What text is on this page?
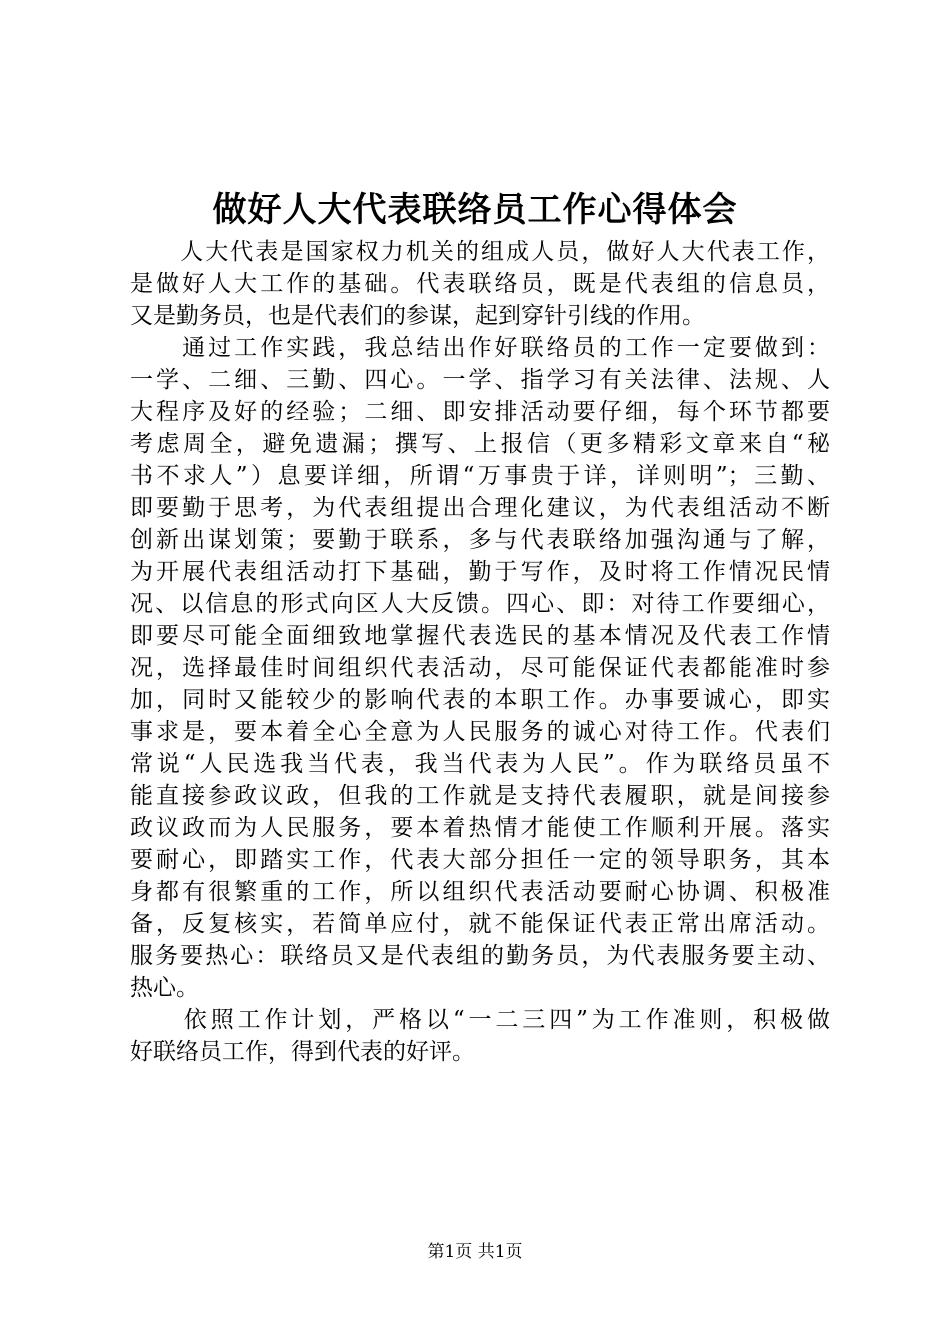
做好人大代表联络员工作心得体会
　　人大代表是国家权力机关的组成人员，做好人大代表工作，
是做好人大工作的基础。代表联络员，既是代表组的信息员，
又是勤务员，也是代表们的参谋，起到穿针引线的作用。
　　通过工作实践，我总结出作好联络员的工作一定要做到：
一学、二细、三勤、四心。一学、指学习有关法律、法规、人
大程序及好的经验；二细、即安排活动要仔细，每个环节都要
考虑周全，避免遗漏；撰写、上报信（更多精彩文章来自“秘
书不求人”）息要详细，所谓“万事贵于详，详则明”；三勤、
即要勤于思考，为代表组提出合理化建议，为代表组活动不断
创新出谋划策；要勤于联系，多与代表联络加强沟通与了解，
为开展代表组活动打下基础，勤于写作，及时将工作情况民情
况、以信息的形式向区人大反馈。四心、即：对待工作要细心，
即要尽可能全面细致地掌握代表选民的基本情况及代表工作情
况，选择最佳时间组织代表活动，尽可能保证代表都能准时参
加，同时又能较少的影响代表的本职工作。办事要诚心，即实
事求是，要本着全心全意为人民服务的诚心对待工作。代表们
常说“人民选我当代表，我当代表为人民”。作为联络员虽不
能直接参政议政，但我的工作就是支持代表履职，就是间接参
政议政而为人民服务，要本着热情才能使工作顺利开展。落实
要耐心，即踏实工作，代表大部分担任一定的领导职务，其本
身都有很繁重的工作，所以组织代表活动要耐心协调、积极准
备，反复核实，若简单应付，就不能保证代表正常出席活动。
服务要热心：联络员又是代表组的勤务员，为代表服务要主动、
热心。
　　依照工作计划，严格以“一二三四”为工作准则，积极做
好联络员工作，得到代表的好评。
第1页 共1页
